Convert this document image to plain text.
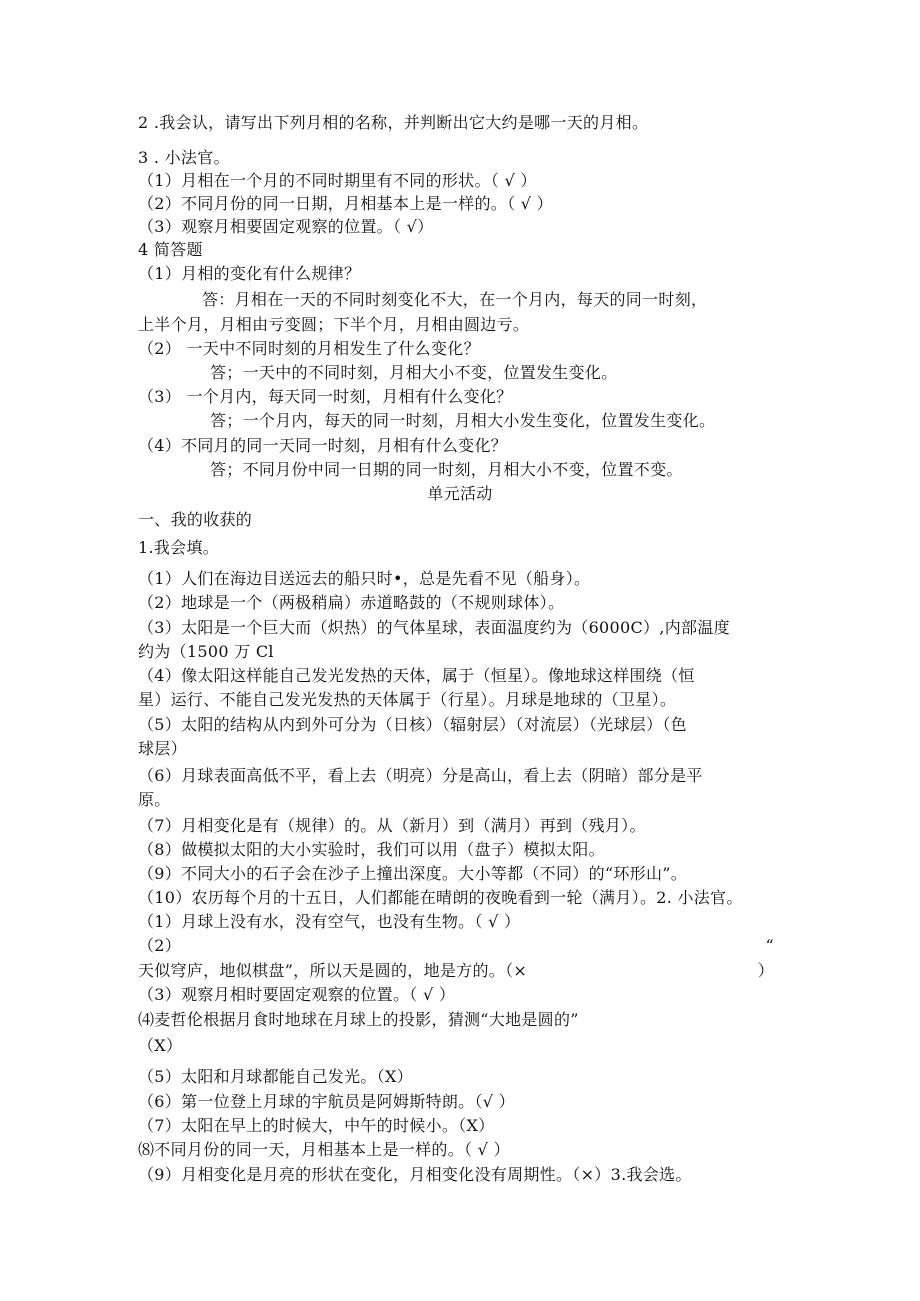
2 .我会认，请写出下列月相的名称，并判断出它大约是哪一天的月相。
3 . 小法官。
（1）月相在一个月的不同时期里有不同的形状。（ √ ）
（2）不同月份的同一日期，月相基本上是一样的。（ √ ）
（3）观察月相要固定观察的位置。（ √）
4 简答题
（1）月相的变化有什么规律？
答：月相在一天的不同时刻变化不大，在一个月内，每天的同一时刻，
上半个月，月相由亏变圆；下半个月，月相由圆边亏。
（2） 一天中不同时刻的月相发生了什么变化？
答；一天中的不同时刻，月相大小不变，位置发生变化。
（3） 一个月内，每天同一时刻，月相有什么变化？
答；一个月内，每天的同一时刻，月相大小发生变化，位置发生变化。
（4）不同月的同一天同一时刻，月相有什么变化？
答；不同月份中同一日期的同一时刻，月相大小不变，位置不变。
单元活动
一、我的收获的
1.我会填。
（1）人们在海边目送远去的船只时•，总是先看不见（船身）。
（2）地球是一个（两极稍扁）赤道略鼓的（不规则球体）。
（3）太阳是一个巨大而（炽热）的气体星球，表面温度约为（6000C）,内部温度
约为（1500 万 Cl
（4）像太阳这样能自己发光发热的天体，属于（恒星）。像地球这样围绕（恒
星）运行、不能自己发光发热的天体属于（行星）。月球是地球的（卫星）。
（5）太阳的结构从内到外可分为（日核）（辐射层）（对流层）（光球层）（色
球层）
（6）月球表面高低不平，看上去（明亮）分是高山，看上去（阴暗）部分是平
原。
（7）月相变化是有（规律）的。从（新月）到（满月）再到（残月）。
（8）做模拟太阳的大小实验时，我们可以用（盘子）模拟太阳。
（9）不同大小的石子会在沙子上撞出深度。大小等都（不同）的“环形山”。
（10）农历每个月的十五日，人们都能在晴朗的夜晚看到一轮（满月）。2. 小法官。
（1）月球上没有水，没有空气，也没有生物。（ √ ）
（2）	“
天似穹庐，地似棋盘”，所以天是圆的，地是方的。（×	）
（3）观察月相时要固定观察的位置。（ √ ）
⑷麦哲伦根据月食时地球在月球上的投影，猜测“大地是圆的”
（X）
（5）太阳和月球都能自己发光。（X）
（6）第一位登上月球的宇航员是阿姆斯特朗。（√ ）
（7）太阳在早上的时候大，中午的时候小。（X）
⑻不同月份的同一天，月相基本上是一样的。（ √ ）
（9）月相变化是月亮的形状在变化，月相变化没有周期性。（×）3.我会选。
